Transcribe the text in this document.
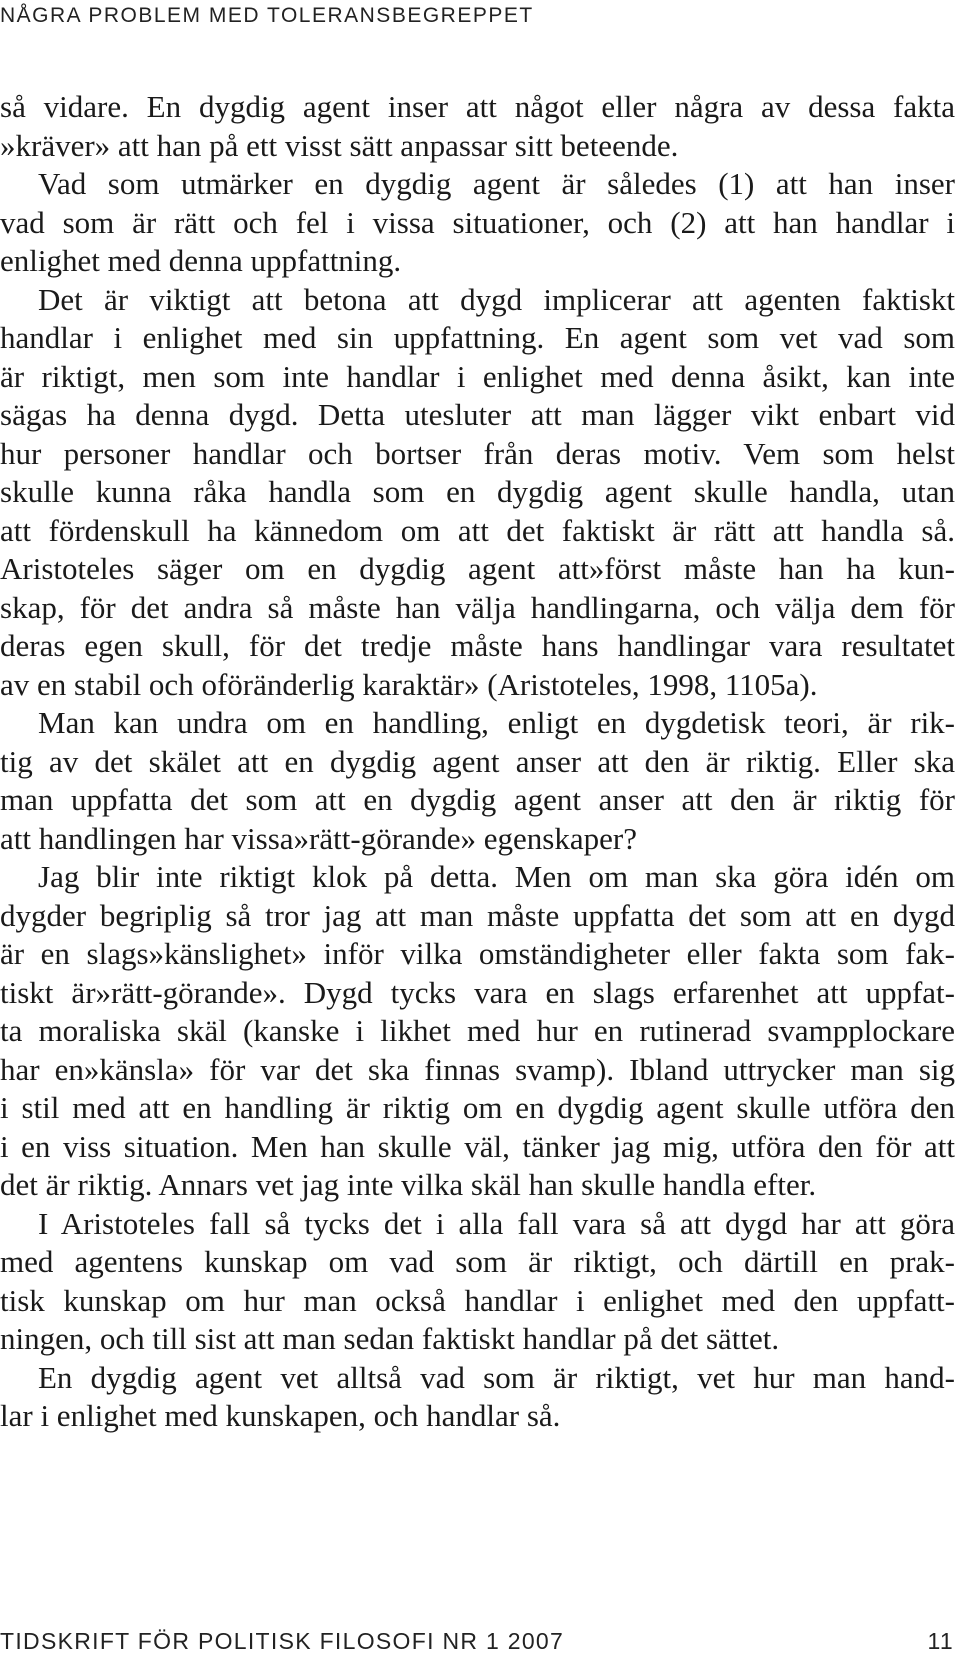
NÅGRA PROBLEM MED TOLERANSBEGREPPET
så vidare. En dygdig agent inser att något eller några av dessa fakta
»kräver» att han på ett visst sätt anpassar sitt beteende.
Vad som utmärker en dygdig agent är således (1) att han inser
vad som är rätt och fel i vissa situationer, och (2) att han handlar i
enlighet med denna uppfattning.
Det är viktigt att betona att dygd implicerar att agenten faktiskt
handlar i enlighet med sin uppfattning. En agent som vet vad som
är riktigt, men som inte handlar i enlighet med denna åsikt, kan inte
sägas ha denna dygd. Detta utesluter att man lägger vikt enbart vid
hur personer handlar och bortser från deras motiv. Vem som helst
skulle kunna råka handla som en dygdig agent skulle handla, utan
att fördenskull ha kännedom om att det faktiskt är rätt att handla så.
Aristoteles säger om en dygdig agent att»först måste han ha kun-
skap, för det andra så måste han välja handlingarna, och välja dem för
deras egen skull, för det tredje måste hans handlingar vara resultatet
av en stabil och oföränderlig karaktär» (Aristoteles, 1998, 1105a).
Man kan undra om en handling, enligt en dygdetisk teori, är rik-
tig av det skälet att en dygdig agent anser att den är riktig. Eller ska
man uppfatta det som att en dygdig agent anser att den är riktig för
att handlingen har vissa»rätt-görande» egenskaper?
Jag blir inte riktigt klok på detta. Men om man ska göra idén om
dygder begriplig så tror jag att man måste uppfatta det som att en dygd
är en slags»känslighet» inför vilka omständigheter eller fakta som fak-
tiskt är»rätt-görande». Dygd tycks vara en slags erfarenhet att uppfat-
ta moraliska skäl (kanske i likhet med hur en rutinerad svampplockare
har en»känsla» för var det ska finnas svamp). Ibland uttrycker man sig
i stil med att en handling är riktig om en dygdig agent skulle utföra den
i en viss situation. Men han skulle väl, tänker jag mig, utföra den för att
det är riktig. Annars vet jag inte vilka skäl han skulle handla efter.
I Aristoteles fall så tycks det i alla fall vara så att dygd har att göra
med agentens kunskap om vad som är riktigt, och därtill en prak-
tisk kunskap om hur man också handlar i enlighet med den uppfatt-
ningen, och till sist att man sedan faktiskt handlar på det sättet.
En dygdig agent vet alltså vad som är riktigt, vet hur man hand-
lar i enlighet med kunskapen, och handlar så.
TIDSKRIFT FÖR POLITISK FILOSOFI NR 1 2007	11
